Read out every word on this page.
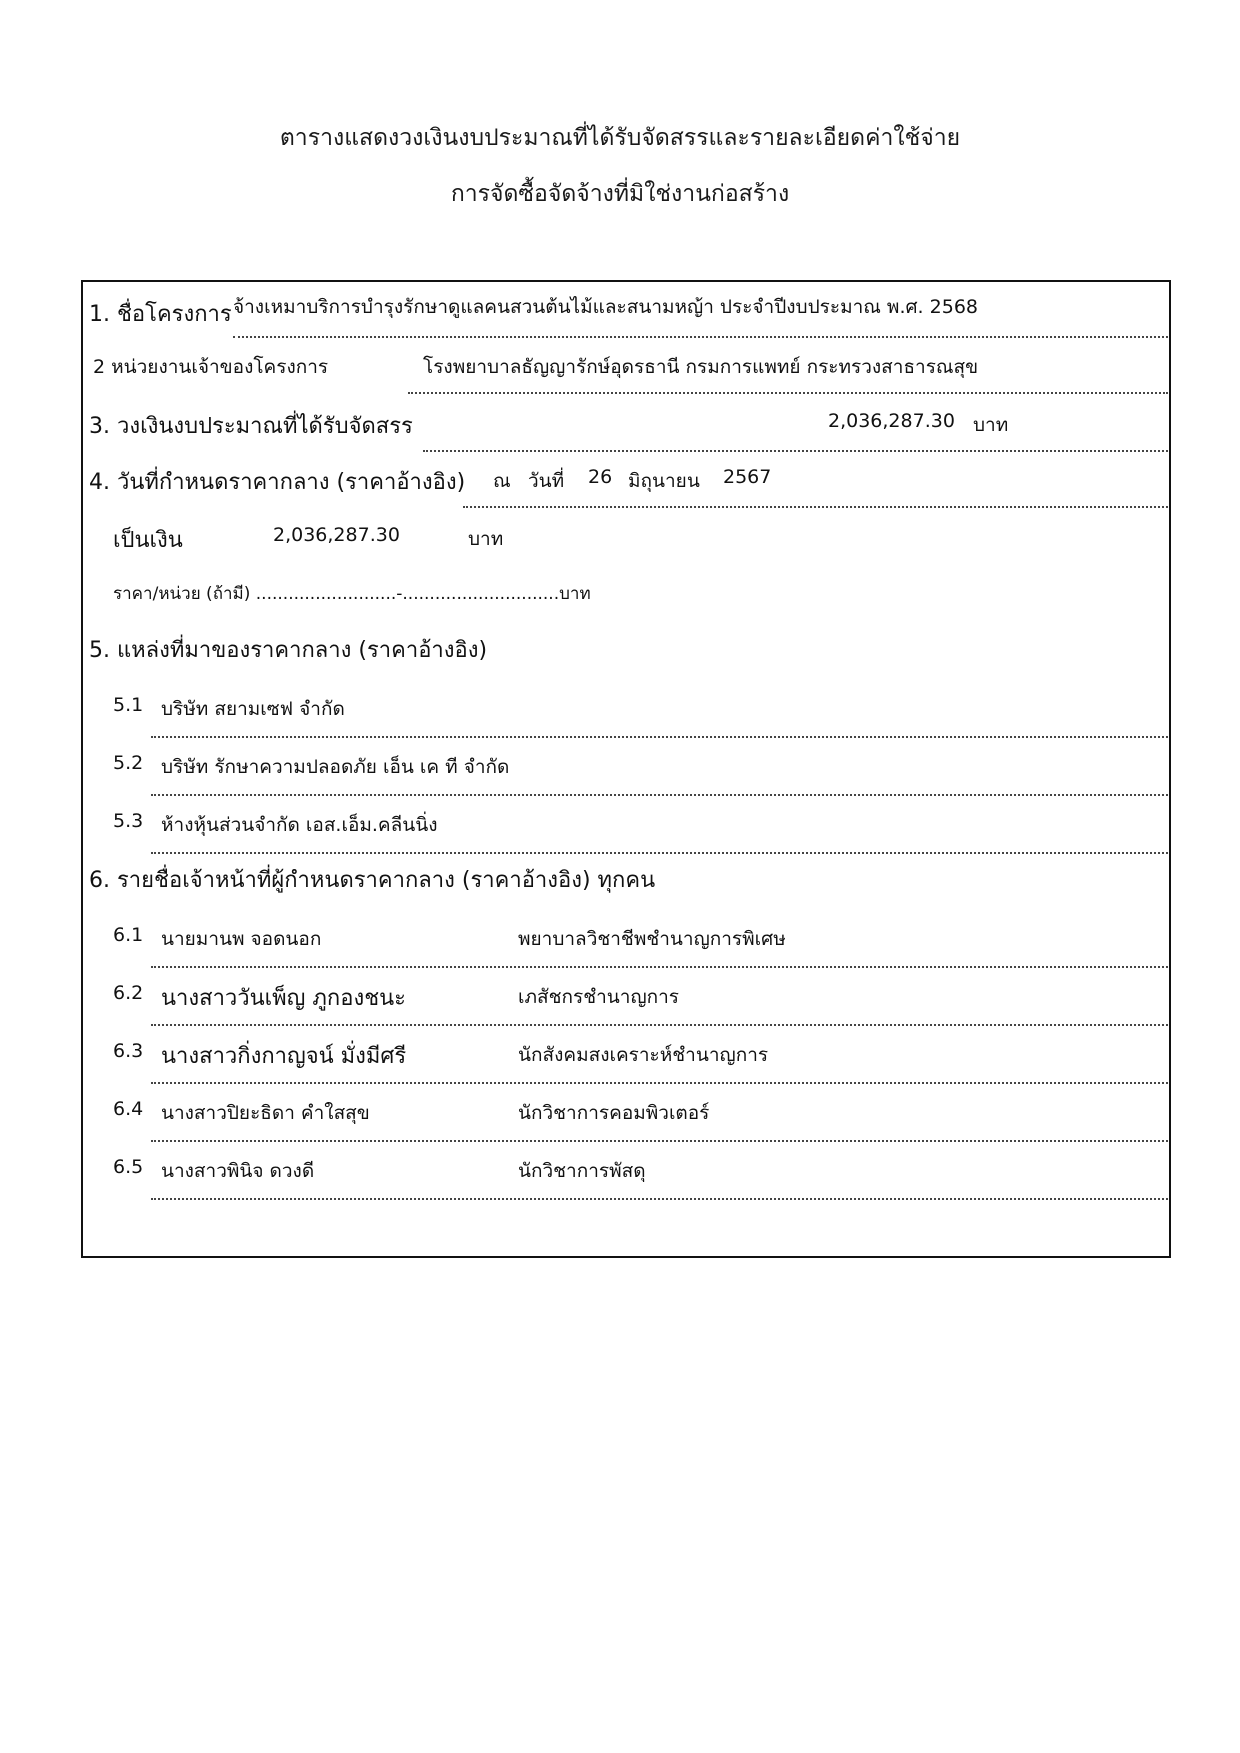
ตารางแสดงวงเงินงบประมาณที่ได้รับจัดสรรและรายละเอียดค่าใช้จ่าย
การจัดซื้อจัดจ้างที่มิใช่งานก่อสร้าง
1. ชื่อโครงการ จ้างเหมาบริการบำรุงรักษาดูแลคนสวนต้นไม้และสนามหญ้า ประจำปีงบประมาณ พ.ศ. 2568
2 หน่วยงานเจ้าของโครงการ	โรงพยาบาลธัญญารักษ์อุดรธานี กรมการแพทย์ กระทรวงสาธารณสุข
3. วงเงินงบประมาณที่ได้รับจัดสรร	2,036,287.30 บาท
4. วันที่กำหนดราคากลาง (ราคาอ้างอิง) ณ วันที่ 26 มิถุนายน 2567
เป็นเงิน	2,036,287.30	บาท
ราคา/หน่วย (ถ้ามี) ..........................-.............................บาท
5. แหล่งที่มาของราคากลาง (ราคาอ้างอิง)
5.1 บริษัท สยามเซฟ จำกัด
5.2 บริษัท รักษาความปลอดภัย เอ็น เค ที จำกัด
5.3 ห้างหุ้นส่วนจำกัด เอส.เอ็ม.คลีนนิ่ง
6. รายชื่อเจ้าหน้าที่ผู้กำหนดราคากลาง (ราคาอ้างอิง) ทุกคน
6.1 นายมานพ จอดนอก	พยาบาลวิชาชีพชำนาญการพิเศษ
6.2 นางสาววันเพ็ญ ภูกองชนะ	เภสัชกรชำนาญการ
6.3 นางสาวกิ่งกาญจน์ มั่งมีศรี	นักสังคมสงเคราะห์ชำนาญการ
6.4 นางสาวปิยะธิดา คำใสสุข	นักวิชาการคอมพิวเตอร์
6.5 นางสาวพินิจ ดวงดี	นักวิชาการพัสดุ
